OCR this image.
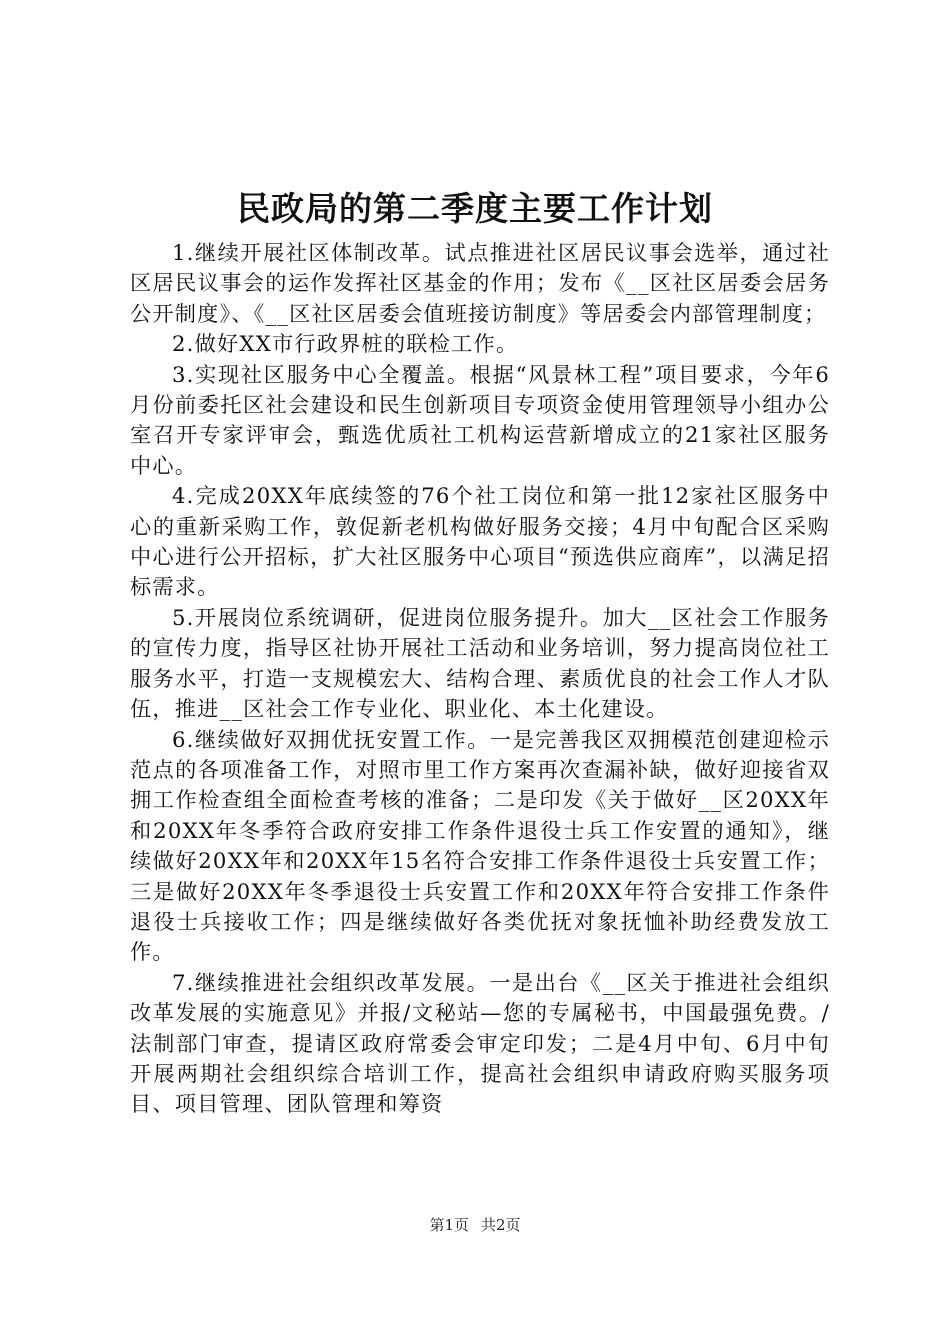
民政局的第二季度主要工作计划

1.继续开展社区体制改革。试点推进社区居民议事会选举，通过社区居民议事会的运作发挥社区基金的作用；发布《__区社区居委会居务公开制度》、《__区社区居委会值班接访制度》等居委会内部管理制度；

2.做好XX市行政界桩的联检工作。

3.实现社区服务中心全覆盖。根据“风景林工程”项目要求，今年6月份前委托区社会建设和民生创新项目专项资金使用管理领导小组办公室召开专家评审会，甄选优质社工机构运营新增成立的21家社区服务中心。

4.完成20XX年底续签的76个社工岗位和第一批12家社区服务中心的重新采购工作，敦促新老机构做好服务交接；4月中旬配合区采购中心进行公开招标，扩大社区服务中心项目“预选供应商库”，以满足招标需求。

5.开展岗位系统调研，促进岗位服务提升。加大__区社会工作服务的宣传力度，指导区社协开展社工活动和业务培训，努力提高岗位社工服务水平，打造一支规模宏大、结构合理、素质优良的社会工作人才队伍，推进__区社会工作专业化、职业化、本土化建设。

6.继续做好双拥优抚安置工作。一是完善我区双拥模范创建迎检示范点的各项准备工作，对照市里工作方案再次查漏补缺，做好迎接省双拥工作检查组全面检查考核的准备；二是印发《关于做好__区20XX年和20XX年冬季符合政府安排工作条件退役士兵工作安置的通知》，继续做好20XX年和20XX年15名符合安排工作条件退役士兵安置工作；三是做好20XX年冬季退役士兵安置工作和20XX年符合安排工作条件退役士兵接收工作；四是继续做好各类优抚对象抚恤补助经费发放工作。

7.继续推进社会组织改革发展。一是出台《__区关于推进社会组织改革发展的实施意见》并报/文秘站—您的专属秘书，中国最强免费。/法制部门审查，提请区政府常委会审定印发；二是4月中旬、6月中旬开展两期社会组织综合培训工作，提高社会组织申请政府购买服务项目、项目管理、团队管理和筹资

第1页 共2页
